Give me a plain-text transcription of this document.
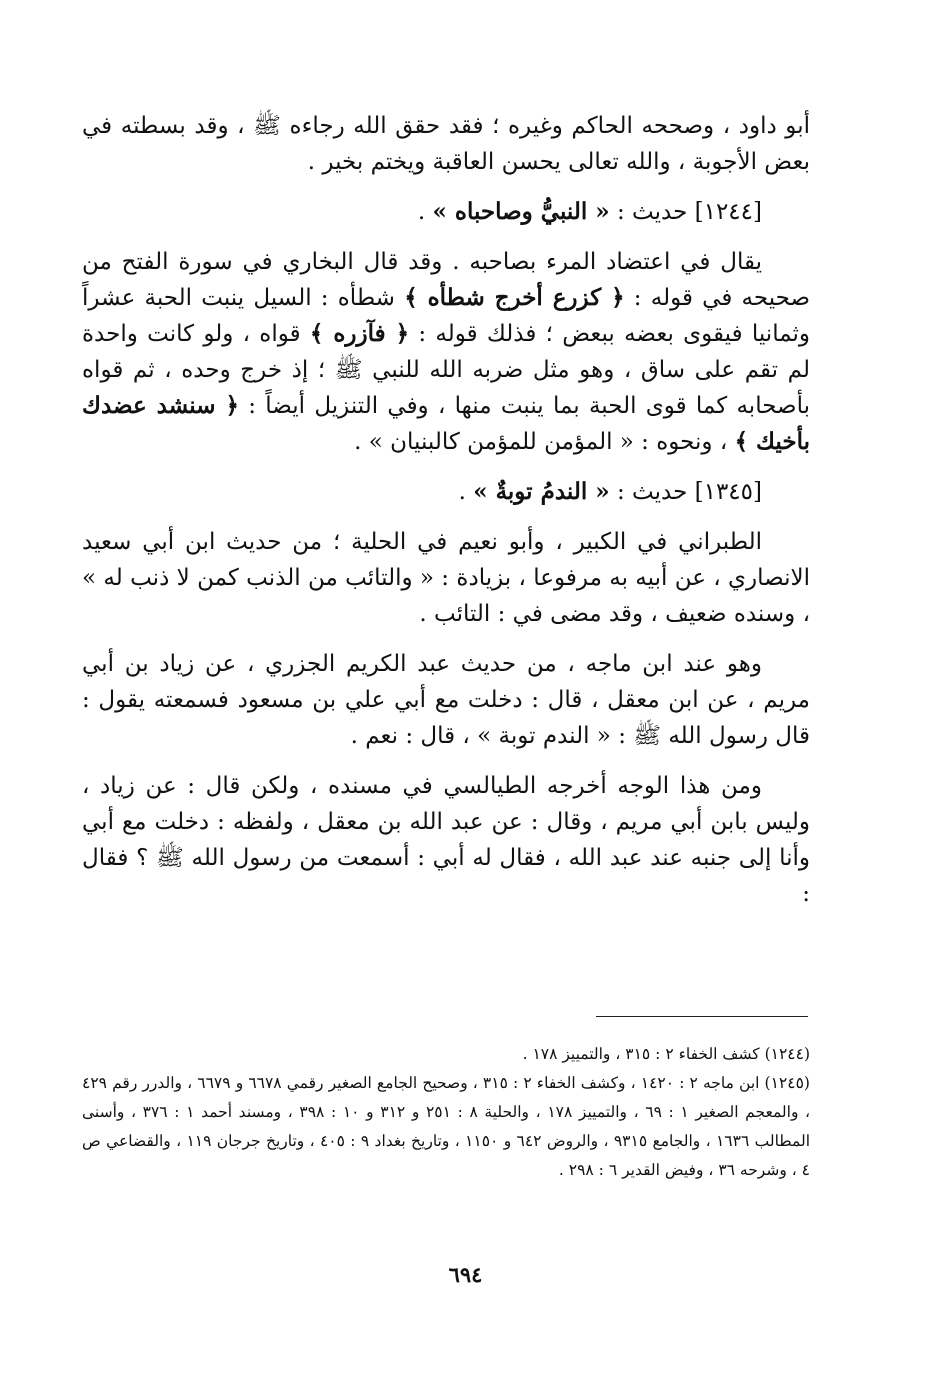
أبو داود ، وصححه الحاكم وغيره ؛ فقد حقق الله رجاءه ﷺ ، وقد بسطته في بعض الأجوبة ، والله تعالى يحسن العاقبة ويختم بخير .

[١٢٤٤] حديث : « النبيُّ وصاحباه » .

يقال في اعتضاد المرء بصاحبه . وقد قال البخاري في سورة الفتح من صحيحه في قوله : ﴿ كزرع أخرج شطأه ﴾ شطأه : السيل ينبت الحبة عشراً وثمانيا فيقوى بعضه ببعض ؛ فذلك قوله : ﴿ فآزره ﴾ قواه ، ولو كانت واحدة لم تقم على ساق ، وهو مثل ضربه الله للنبي ﷺ ؛ إذ خرج وحده ، ثم قواه بأصحابه كما قوى الحبة بما ينبت منها ، وفي التنزيل أيضاً : ﴿ سنشد عضدك بأخيك ﴾ ، ونحوه : « المؤمن للمؤمن كالبنيان » .

[١٣٤٥] حديث : « الندمُ توبةٌ » .

الطبراني في الكبير ، وأبو نعيم في الحلية ؛ من حديث ابن أبي سعيد الانصاري ، عن أبيه به مرفوعا ، بزيادة : « والتائب من الذنب كمن لا ذنب له » ، وسنده ضعيف ، وقد مضى في : التائب .

وهو عند ابن ماجه ، من حديث عبد الكريم الجزري ، عن زياد بن أبي مريم ، عن ابن معقل ، قال : دخلت مع أبي علي بن مسعود فسمعته يقول : قال رسول الله ﷺ : « الندم توبة » ، قال : نعم .

ومن هذا الوجه أخرجه الطيالسي في مسنده ، ولكن قال : عن زياد ، وليس بابن أبي مريم ، وقال : عن عبد الله بن معقل ، ولفظه : دخلت مع أبي وأنا إلى جنبه عند عبد الله ، فقال له أبي : أسمعت من رسول الله ﷺ ؟ فقال :

(١٢٤٤) كشف الخفاء ٢ : ٣١٥ ، والتمييز ١٧٨ .

(١٢٤٥) ابن ماجه ٢ : ١٤٢٠ ، وكشف الخفاء ٢ : ٣١٥ ، وصحيح الجامع الصغير رقمي ٦٦٧٨ و ٦٦٧٩ ، والدرر رقم ٤٢٩ ، والمعجم الصغير ١ : ٦٩ ، والتمييز ١٧٨ ، والحلية ٨ : ٢٥١ و ٣١٢ و ١٠ : ٣٩٨ ، ومسند أحمد ١ : ٣٧٦ ، وأسنى المطالب ١٦٣٦ ، والجامع ٩٣١٥ ، والروض ٦٤٢ و ١١٥٠ ، وتاريخ بغداد ٩ : ٤٠٥ ، وتاريخ جرجان ١١٩ ، والقضاعي ص ٤ ، وشرحه ٣٦ ، وفيض القدير ٦ : ٢٩٨ .

٦٩٤
